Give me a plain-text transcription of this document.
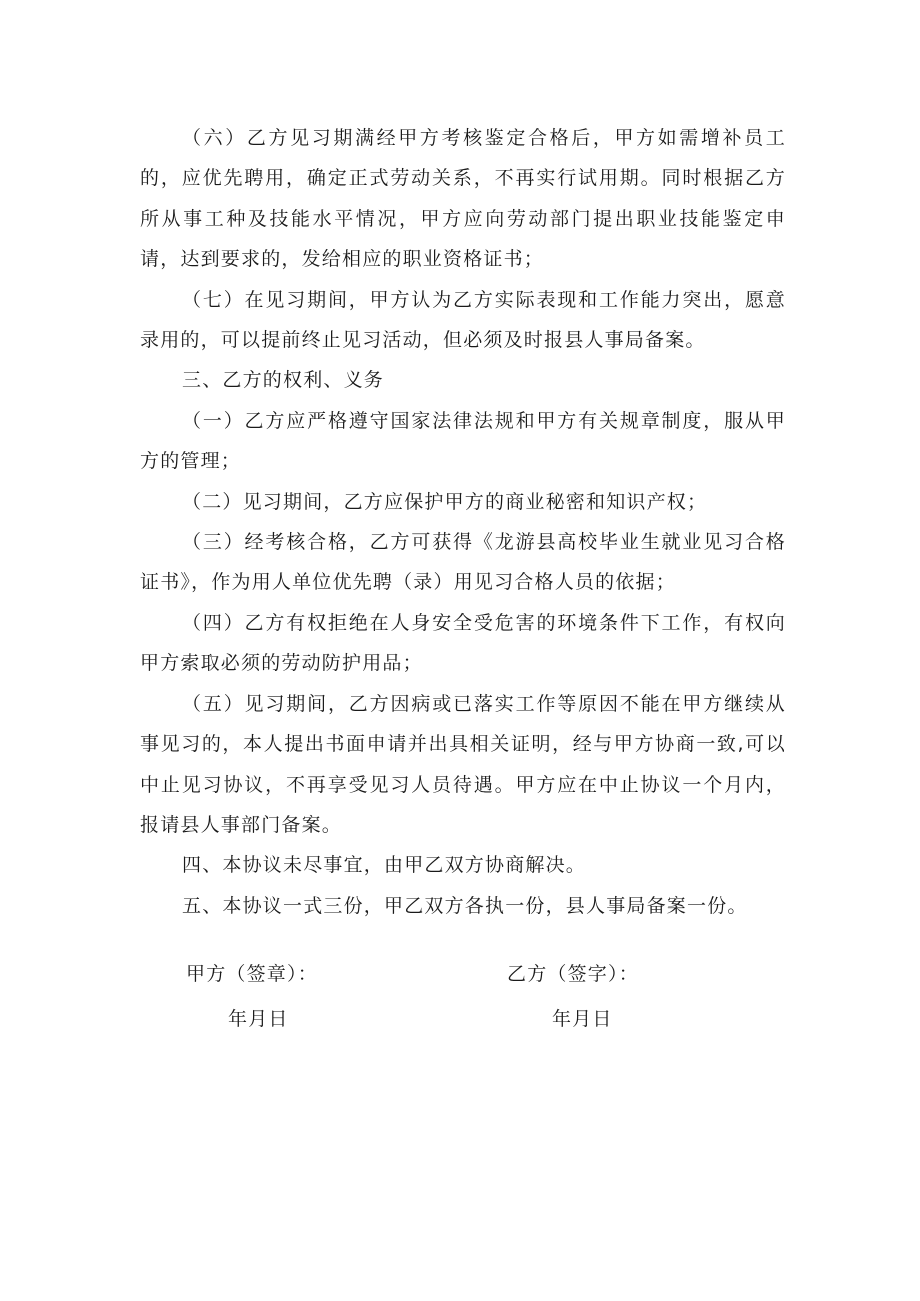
（六）乙方见习期满经甲方考核鉴定合格后，甲方如需增补员工的，应优先聘用，确定正式劳动关系，不再实行试用期。同时根据乙方所从事工种及技能水平情况，甲方应向劳动部门提出职业技能鉴定申请，达到要求的，发给相应的职业资格证书；

（七）在见习期间，甲方认为乙方实际表现和工作能力突出，愿意录用的，可以提前终止见习活动，但必须及时报县人事局备案。

三、乙方的权利、义务

（一）乙方应严格遵守国家法律法规和甲方有关规章制度，服从甲方的管理；

（二）见习期间，乙方应保护甲方的商业秘密和知识产权；

（三）经考核合格，乙方可获得《龙游县高校毕业生就业见习合格证书》，作为用人单位优先聘（录）用见习合格人员的依据；

（四）乙方有权拒绝在人身安全受危害的环境条件下工作，有权向甲方索取必须的劳动防护用品；

（五）见习期间，乙方因病或已落实工作等原因不能在甲方继续从事见习的，本人提出书面申请并出具相关证明，经与甲方协商一致,可以中止见习协议，不再享受见习人员待遇。甲方应在中止协议一个月内，报请县人事部门备案。

四、本协议未尽事宜，由甲乙双方协商解决。

五、本协议一式三份，甲乙双方各执一份，县人事局备案一份。

甲方（签章）：	乙方（签字）：
年月日	年月日
